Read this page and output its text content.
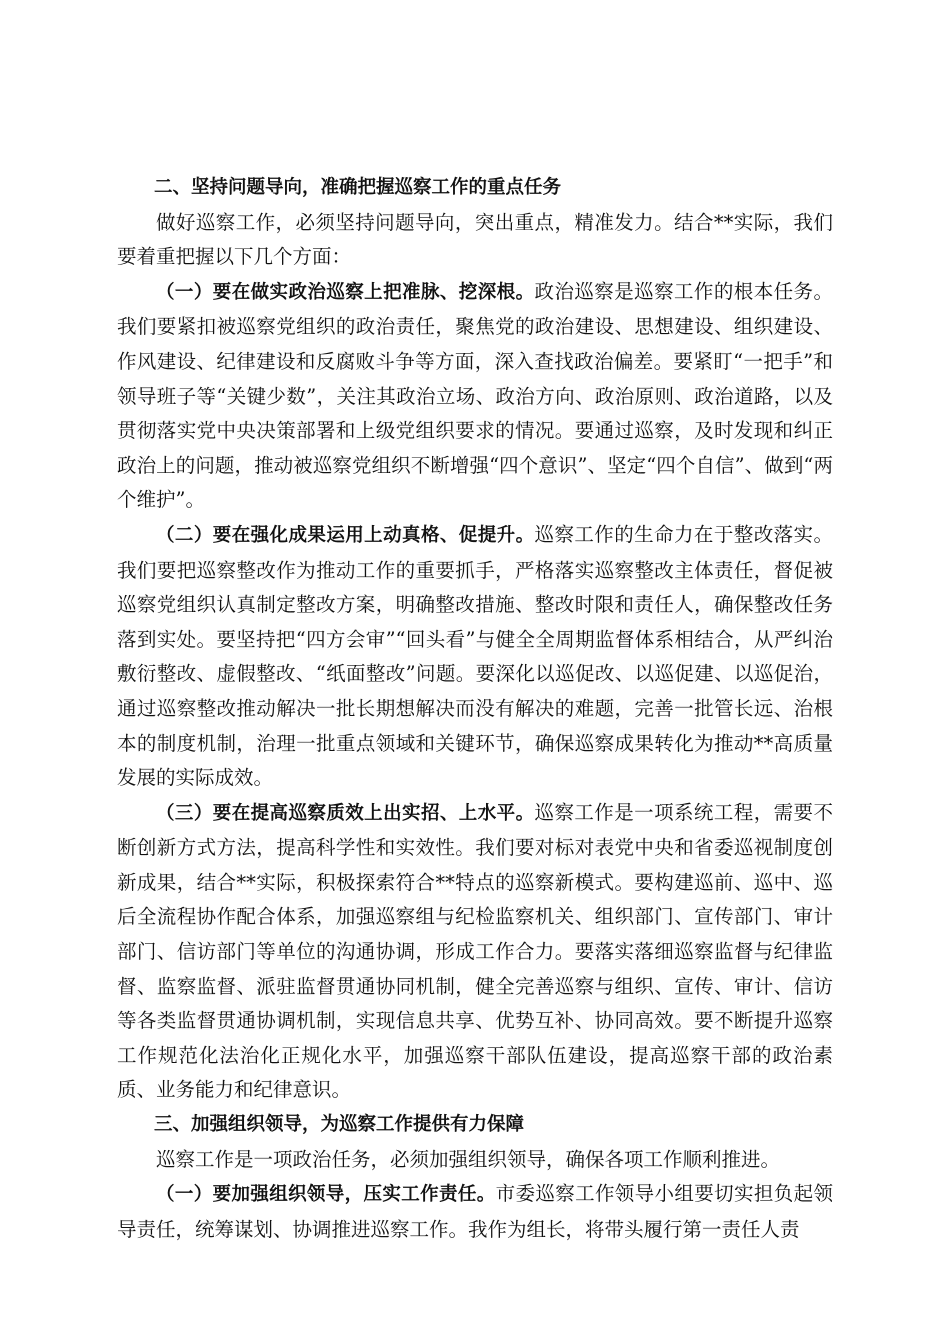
二、坚持问题导向，准确把握巡察工作的重点任务

做好巡察工作，必须坚持问题导向，突出重点，精准发力。结合**实际，我们要着重把握以下几个方面：

（一）要在做实政治巡察上把准脉、挖深根。政治巡察是巡察工作的根本任务。我们要紧扣被巡察党组织的政治责任，聚焦党的政治建设、思想建设、组织建设、作风建设、纪律建设和反腐败斗争等方面，深入查找政治偏差。要紧盯“一把手”和领导班子等“关键少数”，关注其政治立场、政治方向、政治原则、政治道路，以及贯彻落实党中央决策部署和上级党组织要求的情况。要通过巡察，及时发现和纠正政治上的问题，推动被巡察党组织不断增强“四个意识”、坚定“四个自信”、做到“两个维护”。

（二）要在强化成果运用上动真格、促提升。巡察工作的生命力在于整改落实。我们要把巡察整改作为推动工作的重要抓手，严格落实巡察整改主体责任，督促被巡察党组织认真制定整改方案，明确整改措施、整改时限和责任人，确保整改任务落到实处。要坚持把“四方会审”“回头看”与健全全周期监督体系相结合，从严纠治敷衍整改、虚假整改、“纸面整改”问题。要深化以巡促改、以巡促建、以巡促治，通过巡察整改推动解决一批长期想解决而没有解决的难题，完善一批管长远、治根本的制度机制，治理一批重点领域和关键环节，确保巡察成果转化为推动**高质量发展的实际成效。

（三）要在提高巡察质效上出实招、上水平。巡察工作是一项系统工程，需要不断创新方式方法，提高科学性和实效性。我们要对标对表党中央和省委巡视制度创新成果，结合**实际，积极探索符合**特点的巡察新模式。要构建巡前、巡中、巡后全流程协作配合体系，加强巡察组与纪检监察机关、组织部门、宣传部门、审计部门、信访部门等单位的沟通协调，形成工作合力。要落实落细巡察监督与纪律监督、监察监督、派驻监督贯通协同机制，健全完善巡察与组织、宣传、审计、信访等各类监督贯通协调机制，实现信息共享、优势互补、协同高效。要不断提升巡察工作规范化法治化正规化水平，加强巡察干部队伍建设，提高巡察干部的政治素质、业务能力和纪律意识。

三、加强组织领导，为巡察工作提供有力保障

巡察工作是一项政治任务，必须加强组织领导，确保各项工作顺利推进。

（一）要加强组织领导，压实工作责任。市委巡察工作领导小组要切实担负起领导责任，统筹谋划、协调推进巡察工作。我作为组长，将带头履行第一责任人责
